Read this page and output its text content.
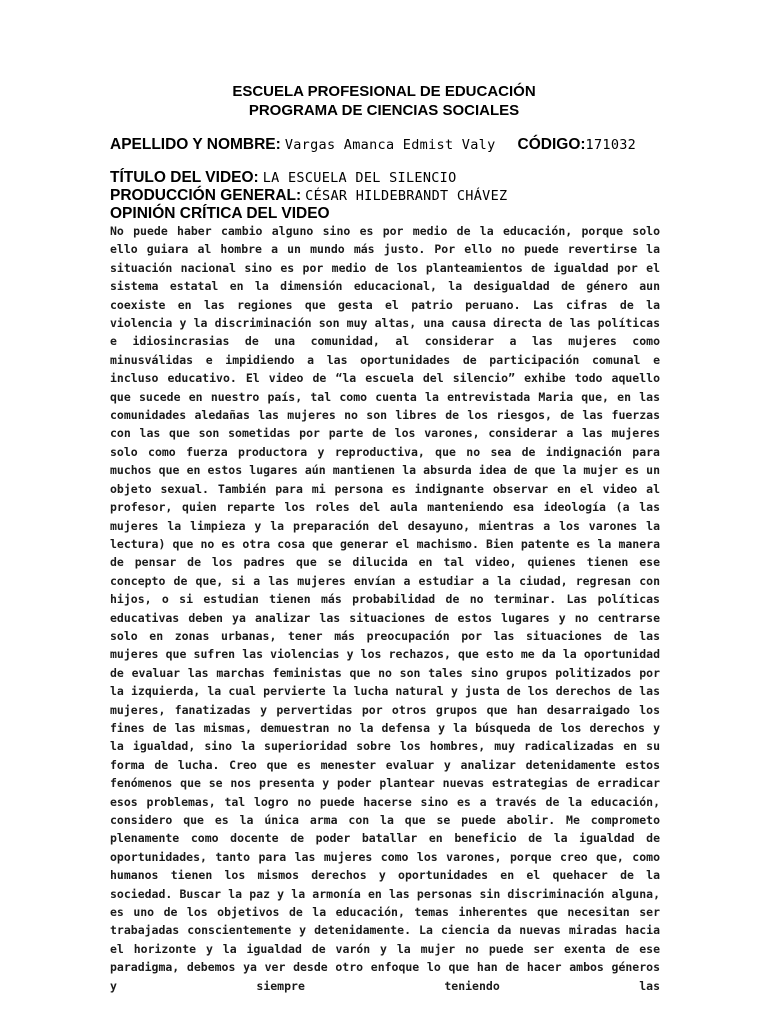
ESCUELA PROFESIONAL DE EDUCACIÓN
PROGRAMA DE CIENCIAS SOCIALES
APELLIDO Y NOMBRE: Vargas Amanca Edmist Valy CÓDIGO:171032
TÍTULO DEL VIDEO: LA ESCUELA DEL SILENCIO
PRODUCCIÓN GENERAL: CÉSAR HILDEBRANDT CHÁVEZ
OPINIÓN CRÍTICA DEL VIDEO
No puede haber cambio alguno sino es por medio de la educación, porque solo ello guiara al hombre a un mundo más justo. Por ello no puede revertirse la situación nacional sino es por medio de los planteamientos de igualdad por el sistema estatal en la dimensión educacional, la desigualdad de género aun coexiste en las regiones que gesta el patrio peruano. Las cifras de la violencia y la discriminación son muy altas, una causa directa de las políticas e idiosincrasias de una comunidad, al considerar a las mujeres como minusválidas e impidiendo a las oportunidades de participación comunal e incluso educativo. El video de “la escuela del silencio” exhibe todo aquello que sucede en nuestro país, tal como cuenta la entrevistada Maria que, en las comunidades aledañas las mujeres no son libres de los riesgos, de las fuerzas con las que son sometidas por parte de los varones, considerar a las mujeres solo como fuerza productora y reproductiva, que no sea de indignación para muchos que en estos lugares aún mantienen la absurda idea de que la mujer es un objeto sexual. También para mi persona es indignante observar en el video al profesor, quien reparte los roles del aula manteniendo esa ideología (a las mujeres la limpieza y la preparación del desayuno, mientras a los varones la lectura) que no es otra cosa que generar el machismo. Bien patente es la manera de pensar de los padres que se dilucida en tal video, quienes tienen ese concepto de que, si a las mujeres envían a estudiar a la ciudad, regresan con hijos, o si estudian tienen más probabilidad de no terminar. Las políticas educativas deben ya analizar las situaciones de estos lugares y no centrarse solo en zonas urbanas, tener más preocupación por las situaciones de las mujeres que sufren las violencias y los rechazos, que esto me da la oportunidad de evaluar las marchas feministas que no son tales sino grupos politizados por la izquierda, la cual pervierte la lucha natural y justa de los derechos de las mujeres, fanatizadas y pervertidas por otros grupos que han desarraigado los fines de las mismas, demuestran no la defensa y la búsqueda de los derechos y la igualdad, sino la superioridad sobre los hombres, muy radicalizadas en su forma de lucha. Creo que es menester evaluar y analizar detenidamente estos fenómenos que se nos presenta y poder plantear nuevas estrategias de erradicar esos problemas, tal logro no puede hacerse sino es a través de la educación, considero que es la única arma con la que se puede abolir. Me comprometo plenamente como docente de poder batallar en beneficio de la igualdad de oportunidades, tanto para las mujeres como los varones, porque creo que, como humanos tienen los mismos derechos y oportunidades en el quehacer de la sociedad. Buscar la paz y la armonía en las personas sin discriminación alguna, es uno de los objetivos de la educación, temas inherentes que necesitan ser trabajadas conscientemente y detenidamente. La ciencia da nuevas miradas hacia el horizonte y la igualdad de varón y la mujer no puede ser exenta de ese paradigma, debemos ya ver desde otro enfoque lo que han de hacer ambos géneros y siempre teniendo las
